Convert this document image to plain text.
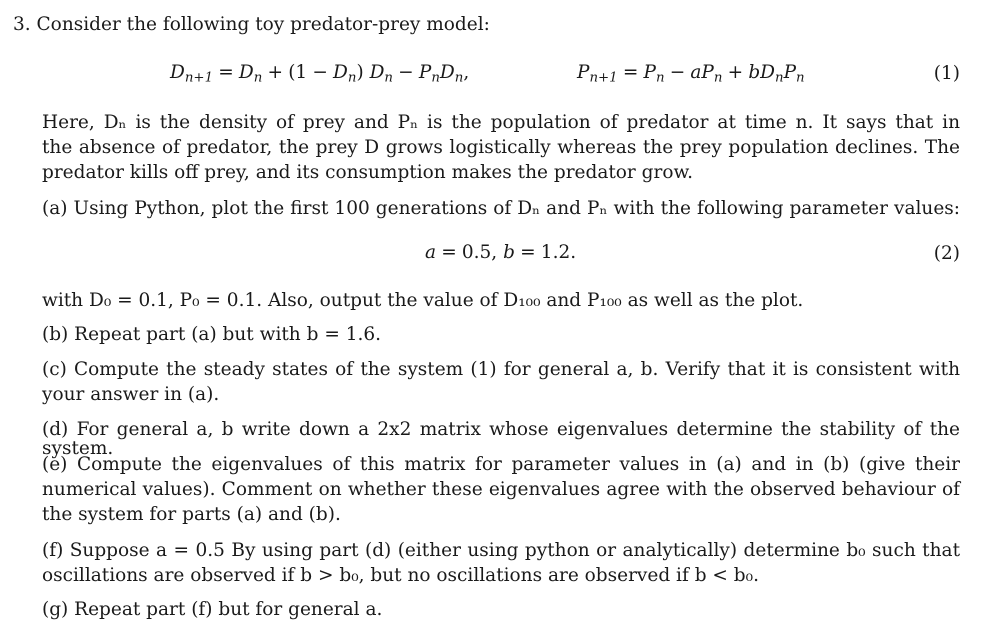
3. Consider the following toy predator-prey model:
$D_{n+1} = D_n + (1 - D_n) D_n - P_nD_n$,	$P_{n+1} = P_n - aP_n + bD_nP_n$	(1)
Here, Dₙ is the density of prey and Pₙ is the population of predator at time n. It says that in
the absence of predator, the prey D grows logistically whereas the prey population declines. The
predator kills off prey, and its consumption makes the predator grow.
(a) Using Python, plot the first 100 generations of Dₙ and Pₙ with the following parameter values:
a = 0.5, b = 1.2.	(2)
with D₀ = 0.1, P₀ = 0.1. Also, output the value of D₁₀₀ and P₁₀₀ as well as the plot.
(b) Repeat part (a) but with b = 1.6.
(c) Compute the steady states of the system (1) for general a, b. Verify that it is consistent with
your answer in (a).
(d) For general a, b write down a 2x2 matrix whose eigenvalues determine the stability of the system.
(e) Compute the eigenvalues of this matrix for parameter values in (a) and in (b) (give their
numerical values). Comment on whether these eigenvalues agree with the observed behaviour of
the system for parts (a) and (b).
(f) Suppose a = 0.5 By using part (d) (either using python or analytically) determine b₀ such that
oscillations are observed if b > b₀, but no oscillations are observed if b < b₀.
(g) Repeat part (f) but for general a.
